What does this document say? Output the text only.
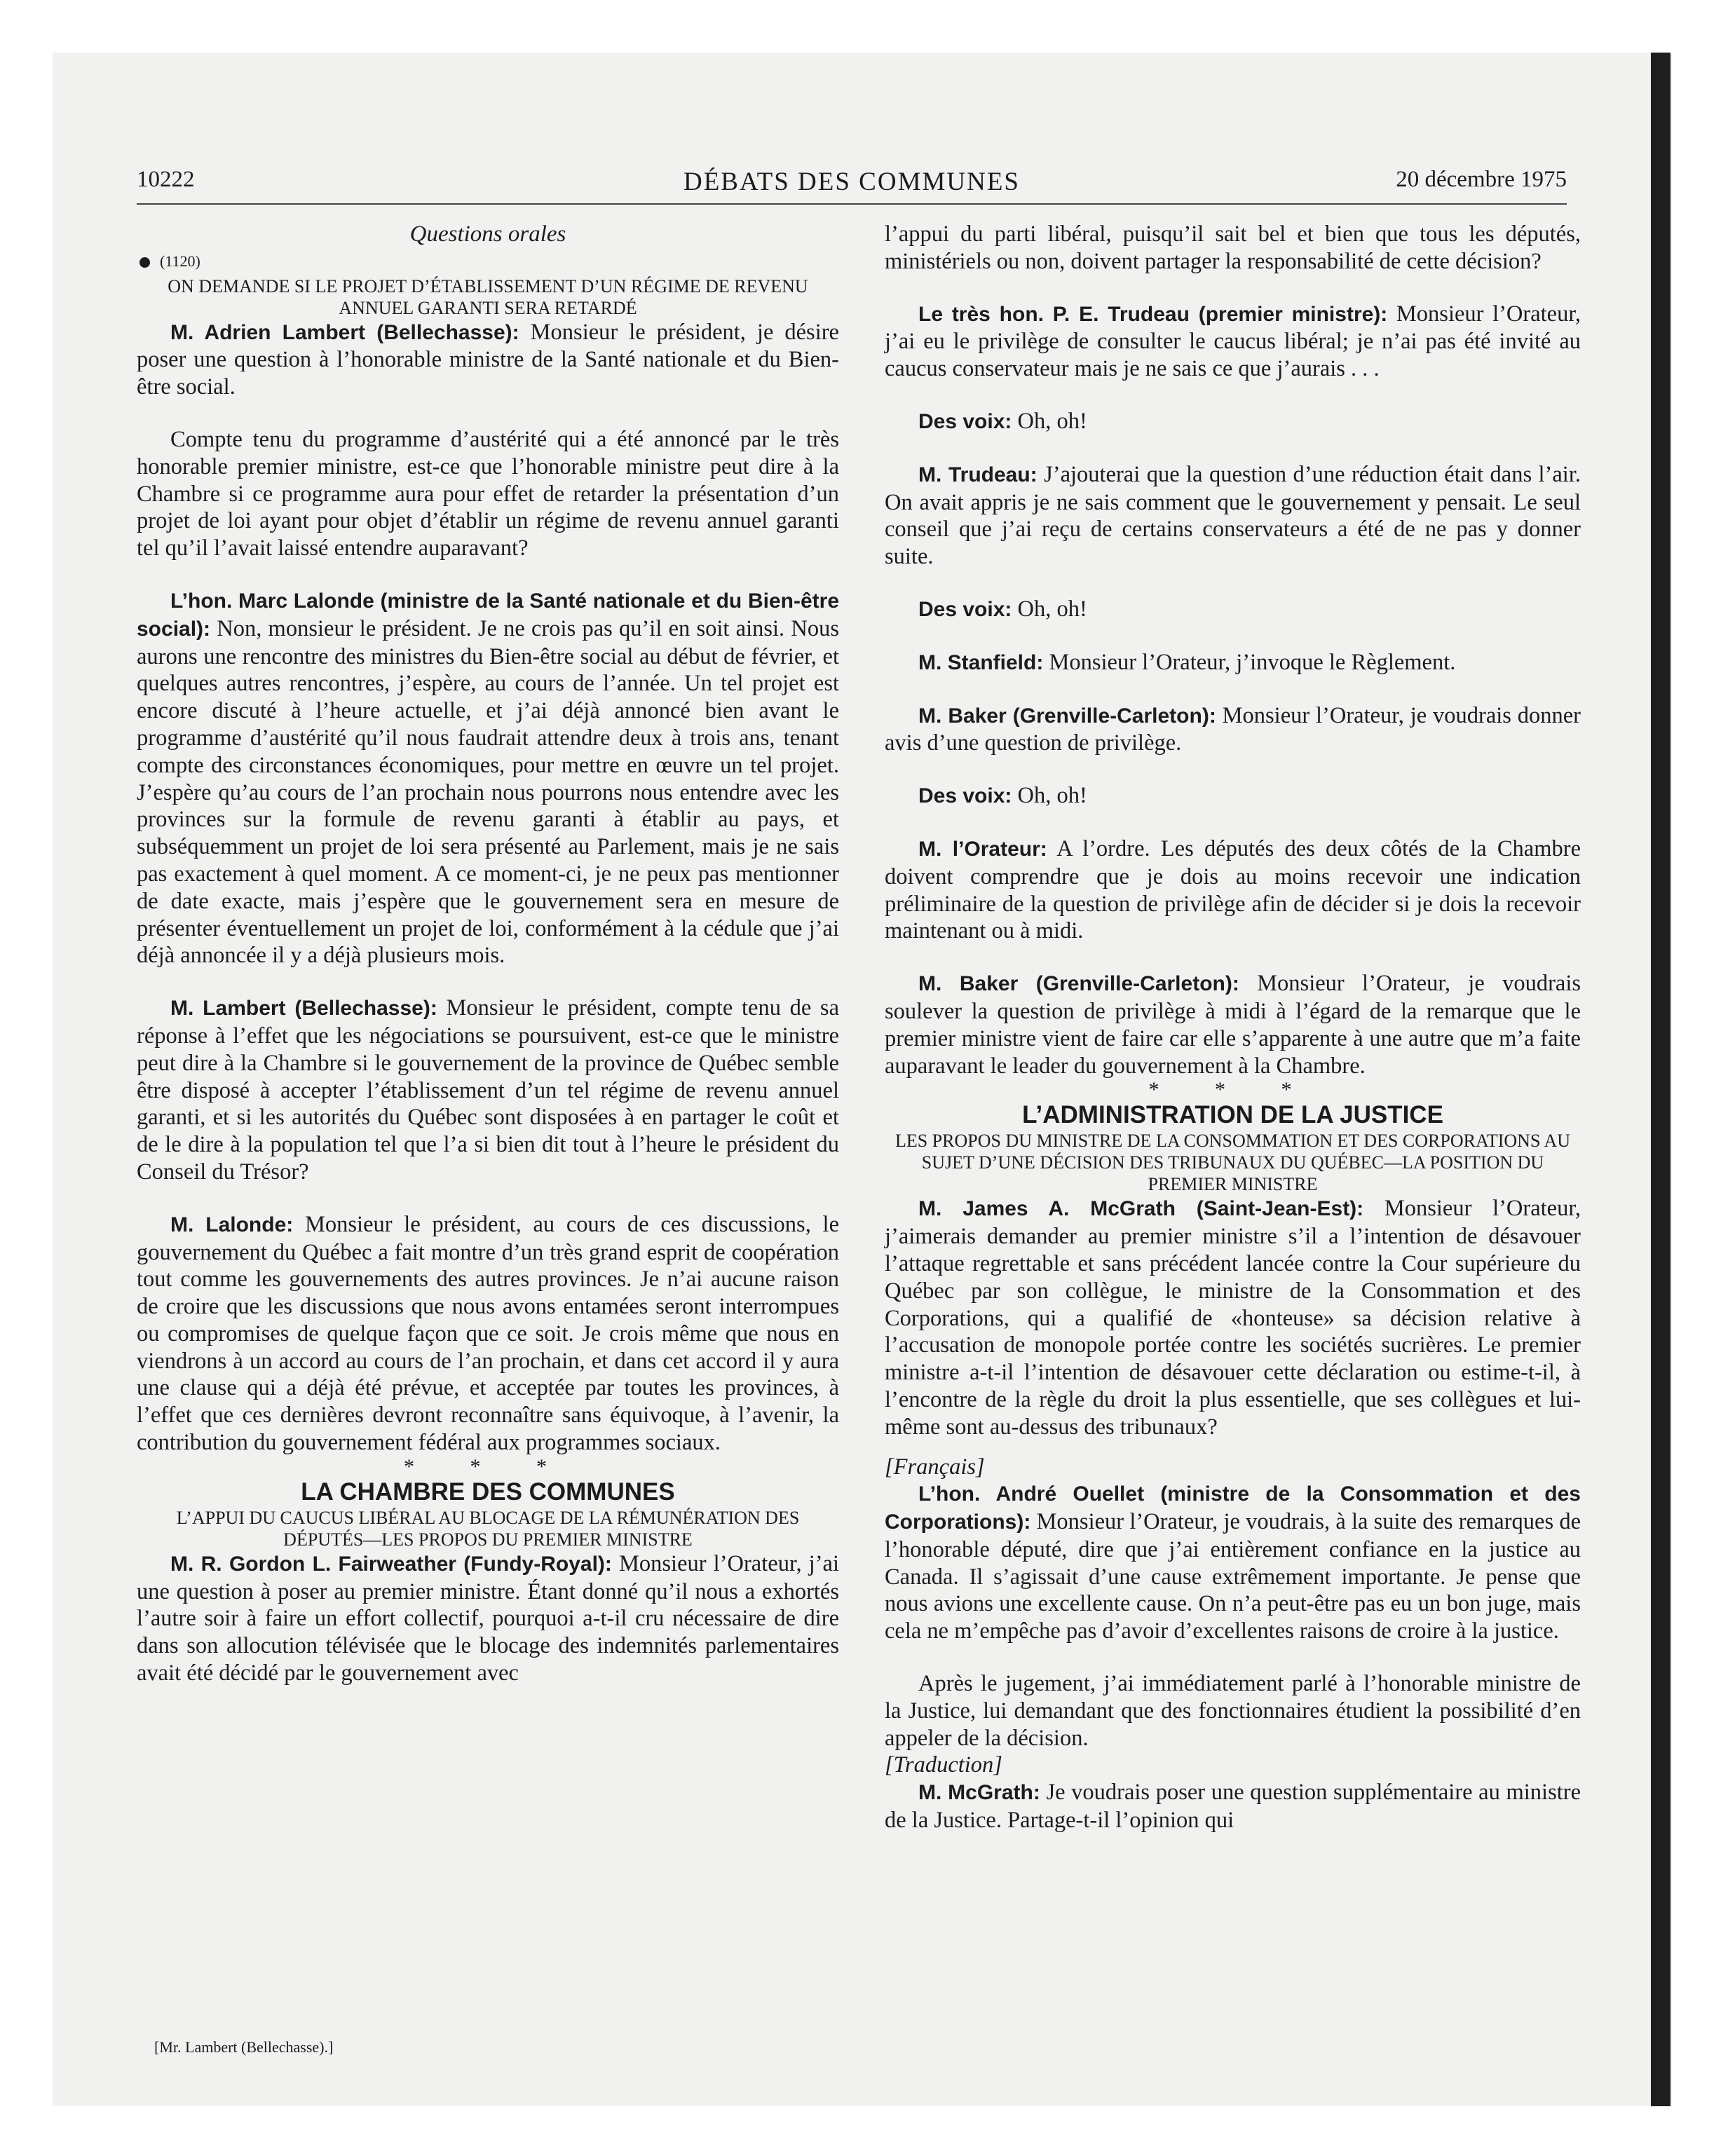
10222	DÉBATS DES COMMUNES	20 décembre 1975

Questions orales

(1120)

ON DEMANDE SI LE PROJET D’ÉTABLISSEMENT D’UN RÉGIME DE REVENU ANNUEL GARANTI SERA RETARDÉ

M. Adrien Lambert (Bellechasse): Monsieur le président, je désire poser une question à l’honorable ministre de la Santé nationale et du Bien-être social.

Compte tenu du programme d’austérité qui a été annoncé par le très honorable premier ministre, est-ce que l’honorable ministre peut dire à la Chambre si ce programme aura pour effet de retarder la présentation d’un projet de loi ayant pour objet d’établir un régime de revenu annuel garanti tel qu’il l’avait laissé entendre auparavant?

L’hon. Marc Lalonde (ministre de la Santé nationale et du Bien-être social): Non, monsieur le président. Je ne crois pas qu’il en soit ainsi. Nous aurons une rencontre des ministres du Bien-être social au début de février, et quelques autres rencontres, j’espère, au cours de l’année. Un tel projet est encore discuté à l’heure actuelle, et j’ai déjà annoncé bien avant le programme d’austérité qu’il nous faudrait attendre deux à trois ans, tenant compte des circonstances économiques, pour mettre en œuvre un tel projet. J’espère qu’au cours de l’an prochain nous pourrons nous entendre avec les provinces sur la formule de revenu garanti à établir au pays, et subséquemment un projet de loi sera présenté au Parlement, mais je ne sais pas exactement à quel moment. A ce moment-ci, je ne peux pas mentionner de date exacte, mais j’espère que le gouvernement sera en mesure de présenter éventuellement un projet de loi, conformément à la cédule que j’ai déjà annoncée il y a déjà plusieurs mois.

M. Lambert (Bellechasse): Monsieur le président, compte tenu de sa réponse à l’effet que les négociations se poursuivent, est-ce que le ministre peut dire à la Chambre si le gouvernement de la province de Québec semble être disposé à accepter l’établissement d’un tel régime de revenu annuel garanti, et si les autorités du Québec sont disposées à en partager le coût et de le dire à la population tel que l’a si bien dit tout à l’heure le président du Conseil du Trésor?

M. Lalonde: Monsieur le président, au cours de ces discussions, le gouvernement du Québec a fait montre d’un très grand esprit de coopération tout comme les gouvernements des autres provinces. Je n’ai aucune raison de croire que les discussions que nous avons entamées seront interrompues ou compromises de quelque façon que ce soit. Je crois même que nous en viendrons à un accord au cours de l’an prochain, et dans cet accord il y aura une clause qui a déjà été prévue, et acceptée par toutes les provinces, à l’effet que ces dernières devront reconnaître sans équivoque, à l’avenir, la contribution du gouvernement fédéral aux programmes sociaux.

* * *

LA CHAMBRE DES COMMUNES

L’APPUI DU CAUCUS LIBÉRAL AU BLOCAGE DE LA RÉMUNÉRATION DES DÉPUTÉS—LES PROPOS DU PREMIER MINISTRE

M. R. Gordon L. Fairweather (Fundy-Royal): Monsieur l’Orateur, j’ai une question à poser au premier ministre. Étant donné qu’il nous a exhortés l’autre soir à faire un effort collectif, pourquoi a-t-il cru nécessaire de dire dans son allocution télévisée que le blocage des indemnités parlementaires avait été décidé par le gouvernement avec

l’appui du parti libéral, puisqu’il sait bel et bien que tous les députés, ministériels ou non, doivent partager la responsabilité de cette décision?

Le très hon. P. E. Trudeau (premier ministre): Monsieur l’Orateur, j’ai eu le privilège de consulter le caucus libéral; je n’ai pas été invité au caucus conservateur mais je ne sais ce que j’aurais . . .

Des voix: Oh, oh!

M. Trudeau: J’ajouterai que la question d’une réduction était dans l’air. On avait appris je ne sais comment que le gouvernement y pensait. Le seul conseil que j’ai reçu de certains conservateurs a été de ne pas y donner suite.

Des voix: Oh, oh!

M. Stanfield: Monsieur l’Orateur, j’invoque le Règlement.

M. Baker (Grenville-Carleton): Monsieur l’Orateur, je voudrais donner avis d’une question de privilège.

Des voix: Oh, oh!

M. l’Orateur: A l’ordre. Les députés des deux côtés de la Chambre doivent comprendre que je dois au moins recevoir une indication préliminaire de la question de privilège afin de décider si je dois la recevoir maintenant ou à midi.

M. Baker (Grenville-Carleton): Monsieur l’Orateur, je voudrais soulever la question de privilège à midi à l’égard de la remarque que le premier ministre vient de faire car elle s’apparente à une autre que m’a faite auparavant le leader du gouvernement à la Chambre.

* * *

L’ADMINISTRATION DE LA JUSTICE

LES PROPOS DU MINISTRE DE LA CONSOMMATION ET DES CORPORATIONS AU SUJET D’UNE DÉCISION DES TRIBUNAUX DU QUÉBEC—LA POSITION DU PREMIER MINISTRE

M. James A. McGrath (Saint-Jean-Est): Monsieur l’Orateur, j’aimerais demander au premier ministre s’il a l’intention de désavouer l’attaque regrettable et sans précédent lancée contre la Cour supérieure du Québec par son collègue, le ministre de la Consommation et des Corporations, qui a qualifié de «honteuse» sa décision relative à l’accusation de monopole portée contre les sociétés sucrières. Le premier ministre a-t-il l’intention de désavouer cette déclaration ou estime-t-il, à l’encontre de la règle du droit la plus essentielle, que ses collègues et lui-même sont au-dessus des tribunaux?

[Français]

L’hon. André Ouellet (ministre de la Consommation et des Corporations): Monsieur l’Orateur, je voudrais, à la suite des remarques de l’honorable député, dire que j’ai entièrement confiance en la justice au Canada. Il s’agissait d’une cause extrêmement importante. Je pense que nous avions une excellente cause. On n’a peut-être pas eu un bon juge, mais cela ne m’empêche pas d’avoir d’excellentes raisons de croire à la justice.

Après le jugement, j’ai immédiatement parlé à l’honorable ministre de la Justice, lui demandant que des fonctionnaires étudient la possibilité d’en appeler de la décision.

[Traduction]

M. McGrath: Je voudrais poser une question supplémentaire au ministre de la Justice. Partage-t-il l’opinion qui

[Mr. Lambert (Bellechasse).]
